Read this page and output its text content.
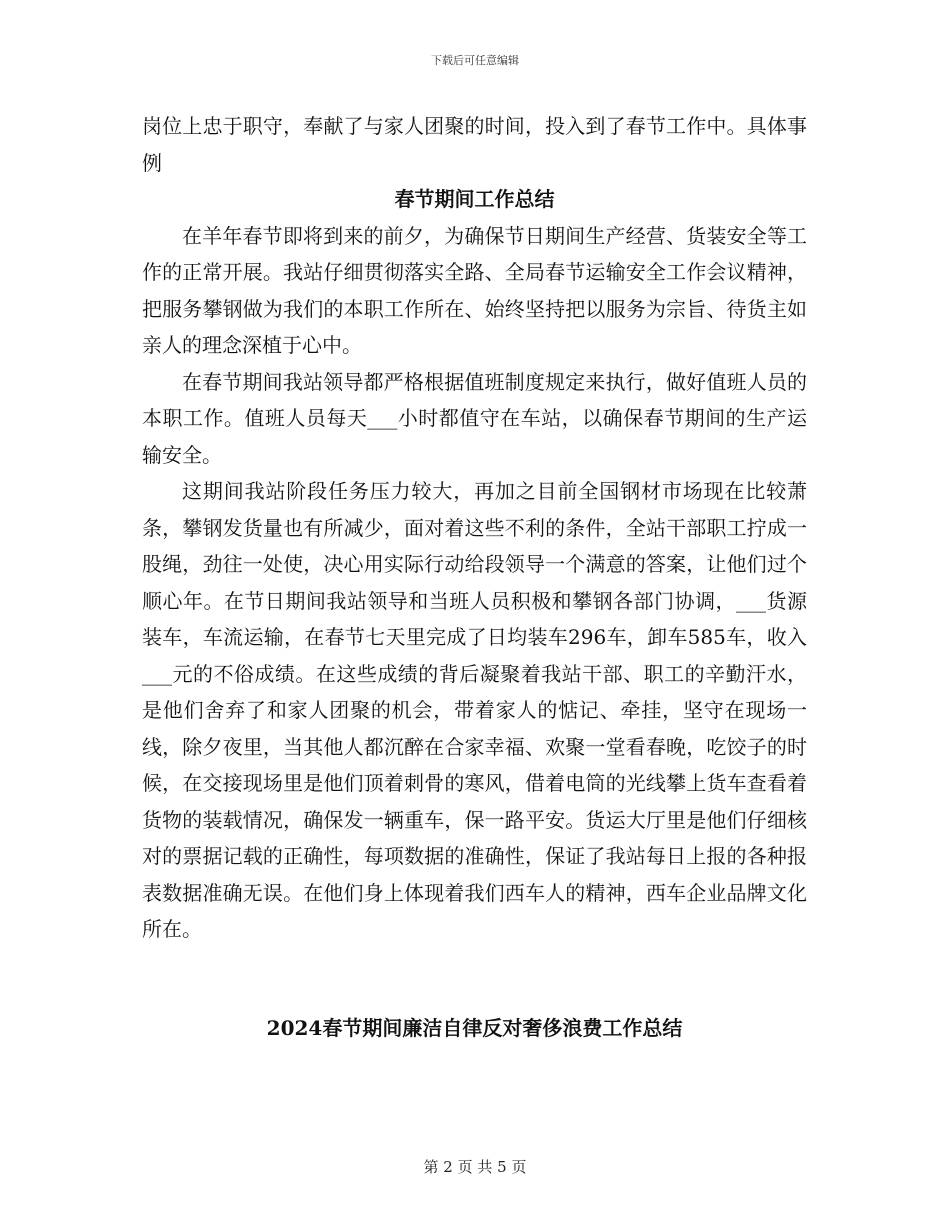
下载后可任意编辑

岗位上忠于职守，奉献了与家人团聚的时间，投入到了春节工作中。具体事例

春节期间工作总结

在羊年春节即将到来的前夕，为确保节日期间生产经营、货装安全等工作的正常开展。我站仔细贯彻落实全路、全局春节运输安全工作会议精神，把服务攀钢做为我们的本职工作所在、始终坚持把以服务为宗旨、待货主如亲人的理念深植于心中。

在春节期间我站领导都严格根据值班制度规定来执行，做好值班人员的本职工作。值班人员每天___小时都值守在车站，以确保春节期间的生产运输安全。

这期间我站阶段任务压力较大，再加之目前全国钢材市场现在比较萧条，攀钢发货量也有所减少，面对着这些不利的条件，全站干部职工拧成一股绳，劲往一处使，决心用实际行动给段领导一个满意的答案，让他们过个顺心年。在节日期间我站领导和当班人员积极和攀钢各部门协调，___货源装车，车流运输，在春节七天里完成了日均装车296车，卸车585车，收入___元的不俗成绩。在这些成绩的背后凝聚着我站干部、职工的辛勤汗水，是他们舍弃了和家人团聚的机会，带着家人的惦记、牵挂，坚守在现场一线，除夕夜里，当其他人都沉醉在合家幸福、欢聚一堂看春晚，吃饺子的时候，在交接现场里是他们顶着刺骨的寒风，借着电筒的光线攀上货车查看着货物的装载情况，确保发一辆重车，保一路平安。货运大厅里是他们仔细核对的票据记载的正确性，每项数据的准确性，保证了我站每日上报的各种报表数据准确无误。在他们身上体现着我们西车人的精神，西车企业品牌文化所在。

2024春节期间廉洁自律反对奢侈浪费工作总结
第 2 页 共 5 页
